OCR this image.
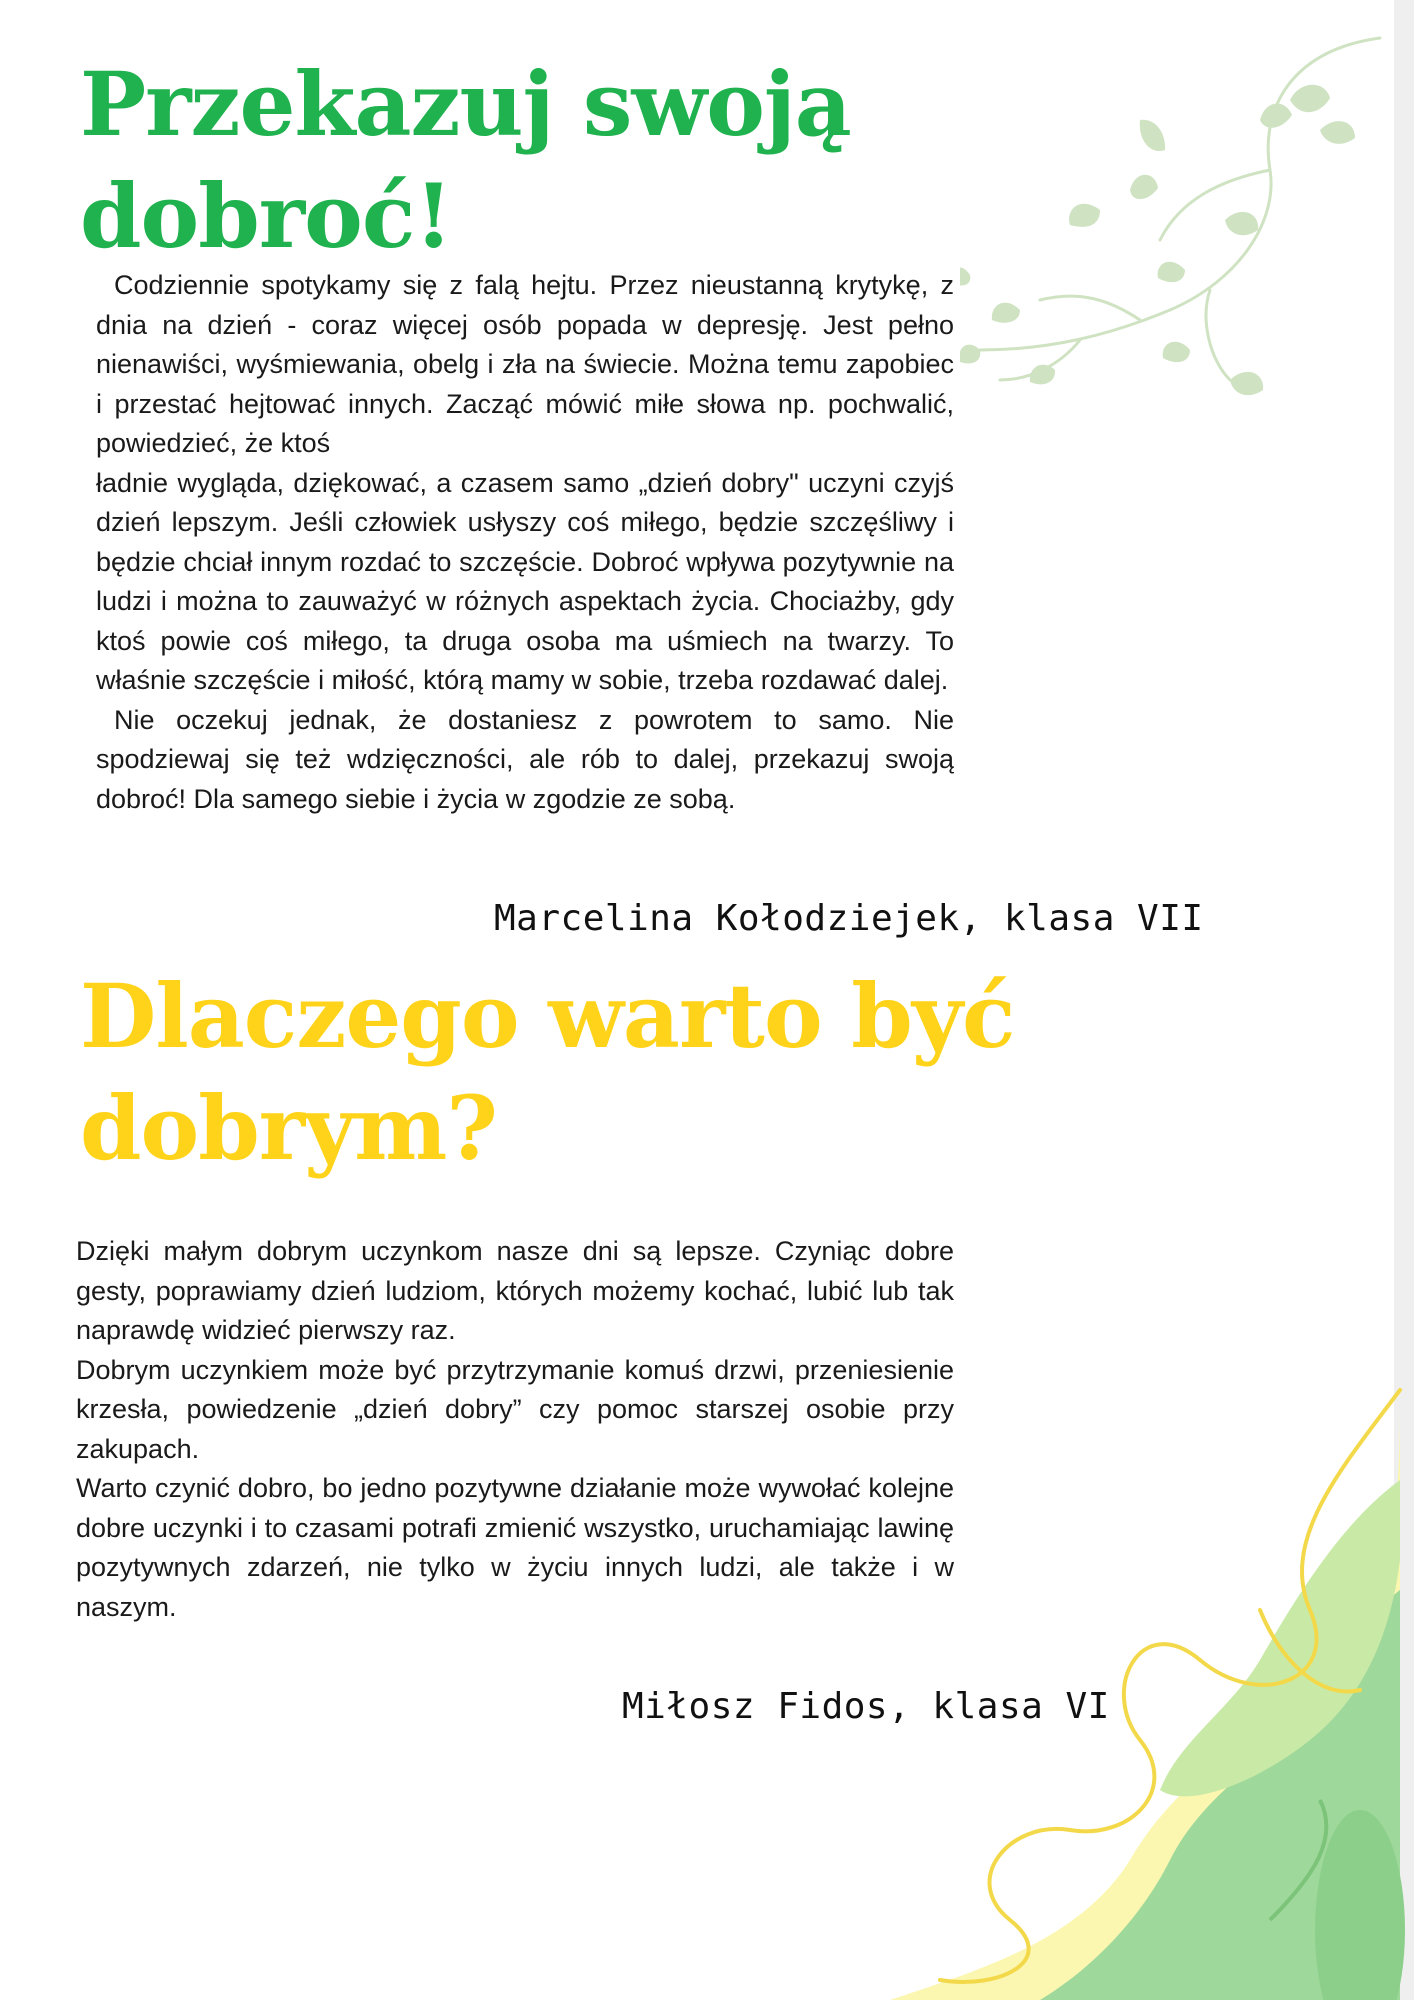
Przekazuj swoją dobroć!

Codziennie spotykamy się z falą hejtu. Przez nieustanną krytykę, z dnia na dzień - coraz więcej osób popada w depresję. Jest pełno nienawiści, wyśmiewania, obelg i zła na świecie. Można temu zapobiec i przestać hejtować innych. Zacząć mówić miłe słowa np. pochwalić, powiedzieć, że ktoś

ładnie wygląda, dziękować, a czasem samo „dzień dobry" uczyni czyjś dzień lepszym. Jeśli człowiek usłyszy coś miłego, będzie szczęśliwy i będzie chciał innym rozdać to szczęście. Dobroć wpływa pozytywnie na ludzi i można to zauważyć w różnych aspektach życia. Chociażby, gdy ktoś powie coś miłego, ta druga osoba ma uśmiech na twarzy. To właśnie szczęście i miłość, którą mamy w sobie, trzeba rozdawać dalej.

Nie oczekuj jednak, że dostaniesz z powrotem to samo. Nie spodziewaj się też wdzięczności, ale rób to dalej, przekazuj swoją dobroć! Dla samego siebie i życia w zgodzie ze sobą.

Marcelina Kołodziejek, klasa VII
Dlaczego warto być dobrym?

Dzięki małym dobrym uczynkom nasze dni są lepsze. Czyniąc dobre gesty, poprawiamy dzień ludziom, których możemy kochać, lubić lub tak naprawdę widzieć pierwszy raz.

Dobrym uczynkiem może być przytrzymanie komuś drzwi, przeniesienie krzesła, powiedzenie „dzień dobry” czy pomoc starszej osobie przy zakupach.

Warto czynić dobro, bo jedno pozytywne działanie może wywołać kolejne dobre uczynki i to czasami potrafi zmienić wszystko, uruchamiając lawinę pozytywnych zdarzeń, nie tylko w życiu innych ludzi, ale także i w naszym.

Miłosz Fidos, klasa VI
